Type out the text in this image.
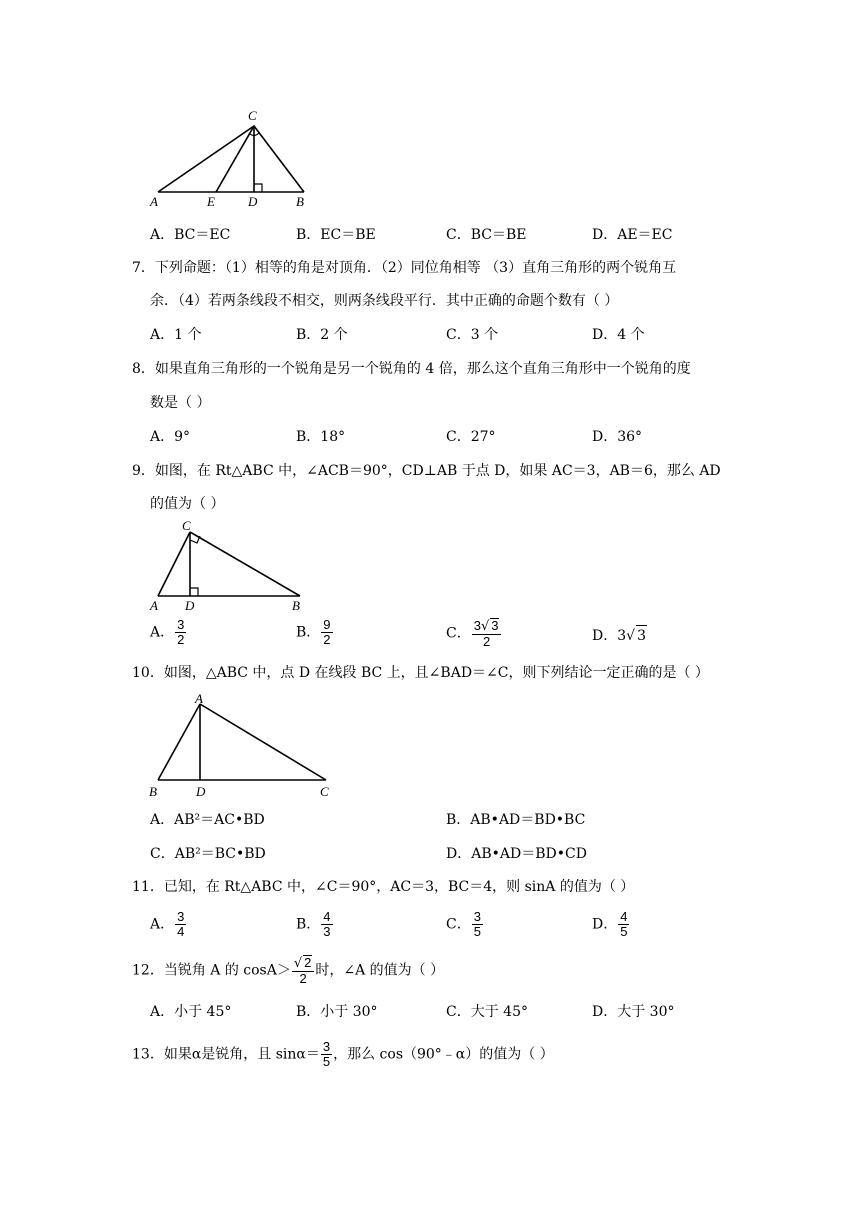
C
A	E	D	B
A．BC＝EC	B．EC＝BE	C．BC＝BE	D．AE＝EC
7．下列命题：（1）相等的角是对顶角．（2）同位角相等 （3）直角三角形的两个锐角互
余．（4）若两条线段不相交，则两条线段平行．其中正确的命题个数有（ ）
A．1 个	B．2 个	C．3 个	D．4 个
8．如果直角三角形的一个锐角是另一个锐角的 4 倍，那么这个直角三角形中一个锐角的度
数是（ ）
A．9°	B．18°	C．27°	D．36°
9．如图，在 Rt△ABC 中，∠ACB＝90°，CD⊥AB 于点 D，如果 AC＝3，AB＝6，那么 AD
的值为（ ）
C
A D	B
A． $\frac{3}{2}$	B． $\frac{9}{2}$	C． $\frac{3√ 3}{2}$	D．3√ 3
10．如图，△ABC 中，点 D 在线段 BC 上，且∠BAD＝∠C，则下列结论一定正确的是（ ）
A
B	D	C
A．AB²＝AC•BD	B．AB•AD＝BD•BC
C．AB²＝BC•BD	D．AB•AD＝BD•CD
11．已知，在 Rt△ABC 中，∠C＝90°，AC＝3，BC＝4，则 sinA 的值为（ ）
A． $\frac{3}{4}$	B． $\frac{4}{3}$	C． $\frac{3}{5}$	D． $\frac{4}{5}$
12．当锐角 A 的 $\cos A> \frac{√ 2}{2}$ 时，∠A 的值为（ ）
A．小于 45°	B．小于 30°	C．大于 45°	D．大于 30°
13．如果α是锐角，且 $\sin\alpha= \frac{3}{5}$ ，那么 cos（90°﹣α）的值为（ ）
